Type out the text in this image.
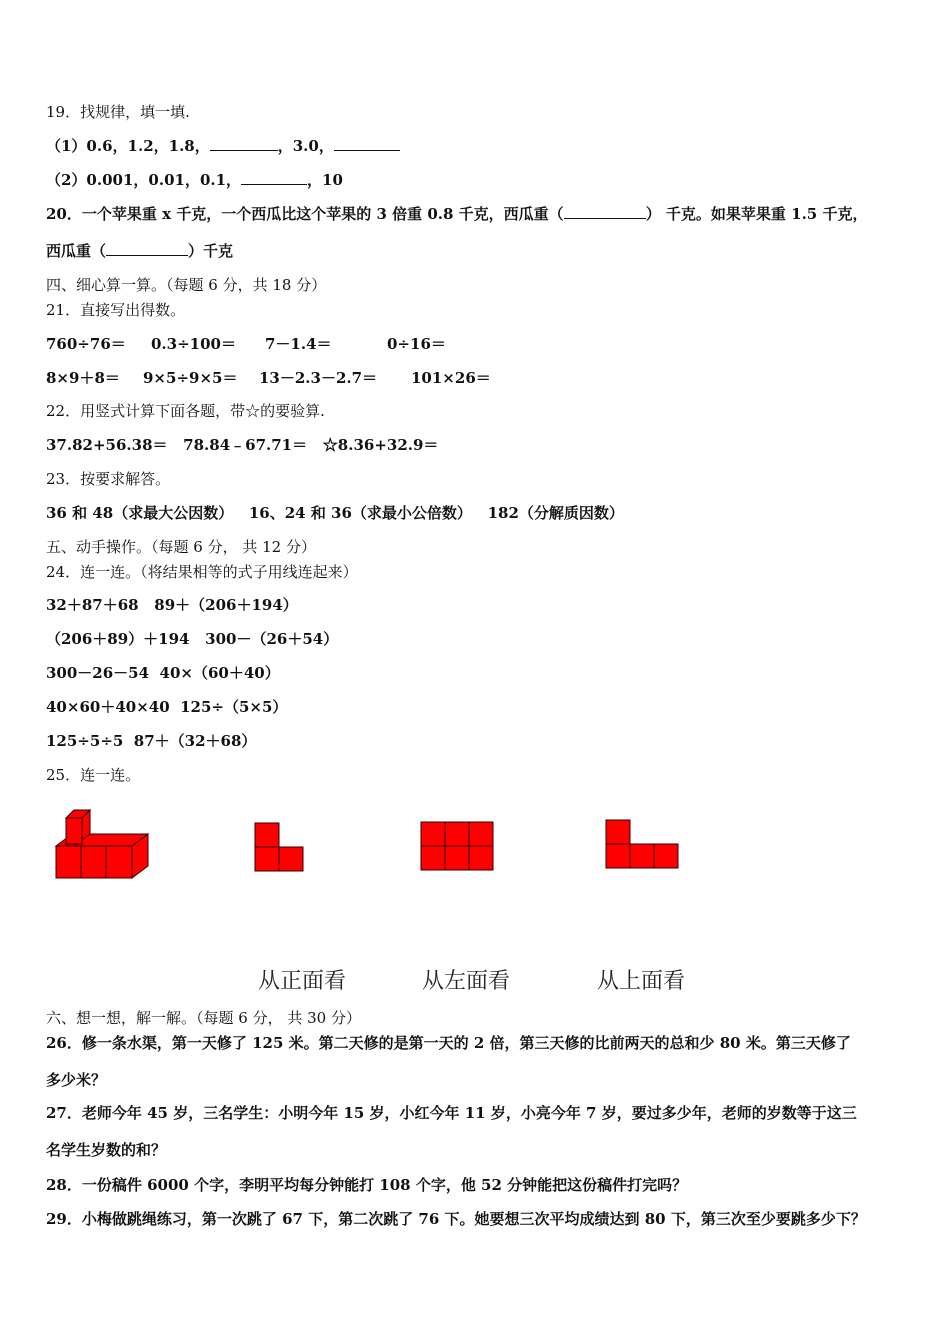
19．找规律，填一填.
（1）0.6，1.2，1.8，	，3.0，
（2）0.001，0.01，0.1，	，10
20．一个苹果重 x 千克，一个西瓜比这个苹果的 3 倍重 0.8 千克，西瓜重（	） 千克。如果苹果重 1.5 千克，
西瓜重（	）千克
四、细心算一算。（每题 6 分，共 18 分）
21．直接写出得数。
760÷76＝ 0.3÷100＝ 7－1.4＝	0÷16＝
8×9＋8＝ 9×5÷9×5＝ 13－2.3－2.7＝ 101×26＝
22．用竖式计算下面各题，带☆的要验算.
37.82+56.38＝   78.84﹣67.71＝   ☆8.36+32.9＝
23．按要求解答。
36 和 48（求最大公因数）   16、24 和 36（求最小公倍数）   182（分解质因数）
五、动手操作。（每题 6 分， 共 12 分）
24．连一连。（将结果相等的式子用线连起来）
32＋87＋68   89＋（206＋194）
（206＋89）＋194   300－（26＋54）
300－26－54  40×（60＋40）
40×60＋40×40  125÷（5×5）
125÷5÷5  87＋（32＋68）
25．连一连。
从正面看	从左面看	从上面看
六、想一想，解一解。（每题 6 分， 共 30 分）
26．修一条水渠，第一天修了 125 米。第二天修的是第一天的 2 倍，第三天修的比前两天的总和少 80 米。第三天修了
多少米？
27．老师今年 45 岁，三名学生：小明今年 15 岁，小红今年 11 岁，小亮今年 7 岁，要过多少年，老师的岁数等于这三
名学生岁数的和？
28．一份稿件 6000 个字，李明平均每分钟能打 108 个字，他 52 分钟能把这份稿件打完吗？
29．小梅做跳绳练习，第一次跳了 67 下，第二次跳了 76 下。她要想三次平均成绩达到 80 下，第三次至少要跳多少下？
